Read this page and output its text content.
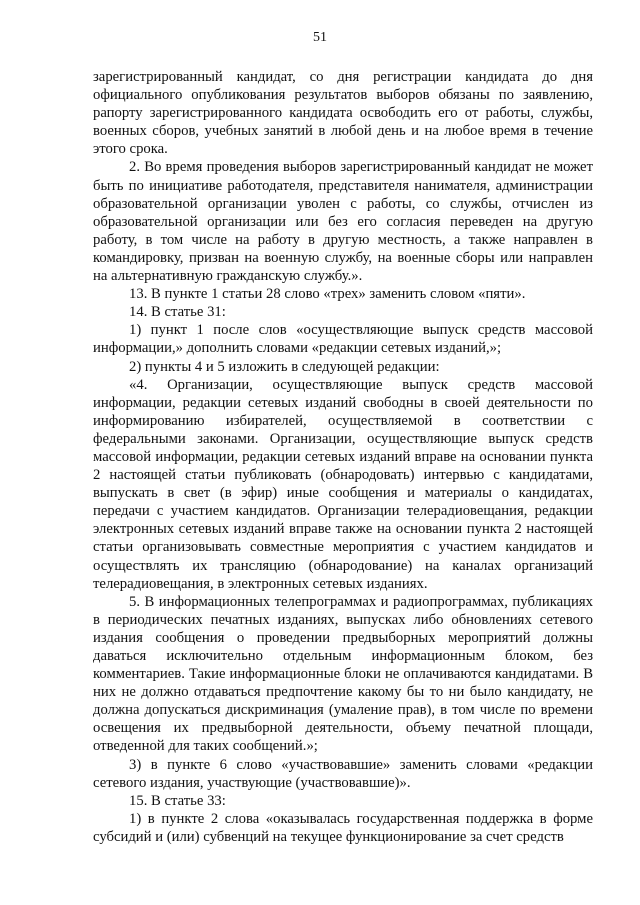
51

зарегистрированный кандидат, со дня регистрации кандидата до дня официального опубликования результатов выборов обязаны по заявлению, рапорту зарегистрированного кандидата освободить его от работы, службы, военных сборов, учебных занятий в любой день и на любое время в течение этого срока.

2. Во время проведения выборов зарегистрированный кандидат не может быть по инициативе работодателя, представителя нанимателя, администрации образовательной организации уволен с работы, со службы, отчислен из образовательной организации или без его согласия переведен на другую работу, в том числе на работу в другую местность, а также направлен в командировку, призван на военную службу, на военные сборы или направлен на альтернативную гражданскую службу.».

13. В пункте 1 статьи 28 слово «трех» заменить словом «пяти».

14. В статье 31:

1) пункт 1 после слов «осуществляющие выпуск средств массовой информации,» дополнить словами «редакции сетевых изданий,»;

2) пункты 4 и 5 изложить в следующей редакции:

«4. Организации, осуществляющие выпуск средств массовой информации, редакции сетевых изданий свободны в своей деятельности по информированию избирателей, осуществляемой в соответствии с федеральными законами. Организации, осуществляющие выпуск средств массовой информации, редакции сетевых изданий вправе на основании пункта 2 настоящей статьи публиковать (обнародовать) интервью с кандидатами, выпускать в свет (в эфир) иные сообщения и материалы о кандидатах, передачи с участием кандидатов. Организации телерадиовещания, редакции электронных сетевых изданий вправе также на основании пункта 2 настоящей статьи организовывать совместные мероприятия с участием кандидатов и осуществлять их трансляцию (обнародование) на каналах организаций телерадиовещания, в электронных сетевых изданиях.

5. В информационных телепрограммах и радиопрограммах, публикациях в периодических печатных изданиях, выпусках либо обновлениях сетевого издания сообщения о проведении предвыборных мероприятий должны даваться исключительно отдельным информационным блоком, без комментариев. Такие информационные блоки не оплачиваются кандидатами. В них не должно отдаваться предпочтение какому бы то ни было кандидату, не должна допускаться дискриминация (умаление прав), в том числе по времени освещения их предвыборной деятельности, объему печатной площади, отведенной для таких сообщений.»;

3) в пункте 6 слово «участвовавшие» заменить словами «редакции сетевого издания, участвующие (участвовавшие)».

15. В статье 33:

1) в пункте 2 слова «оказывалась государственная поддержка в форме субсидий и (или) субвенций на текущее функционирование за счет средств
